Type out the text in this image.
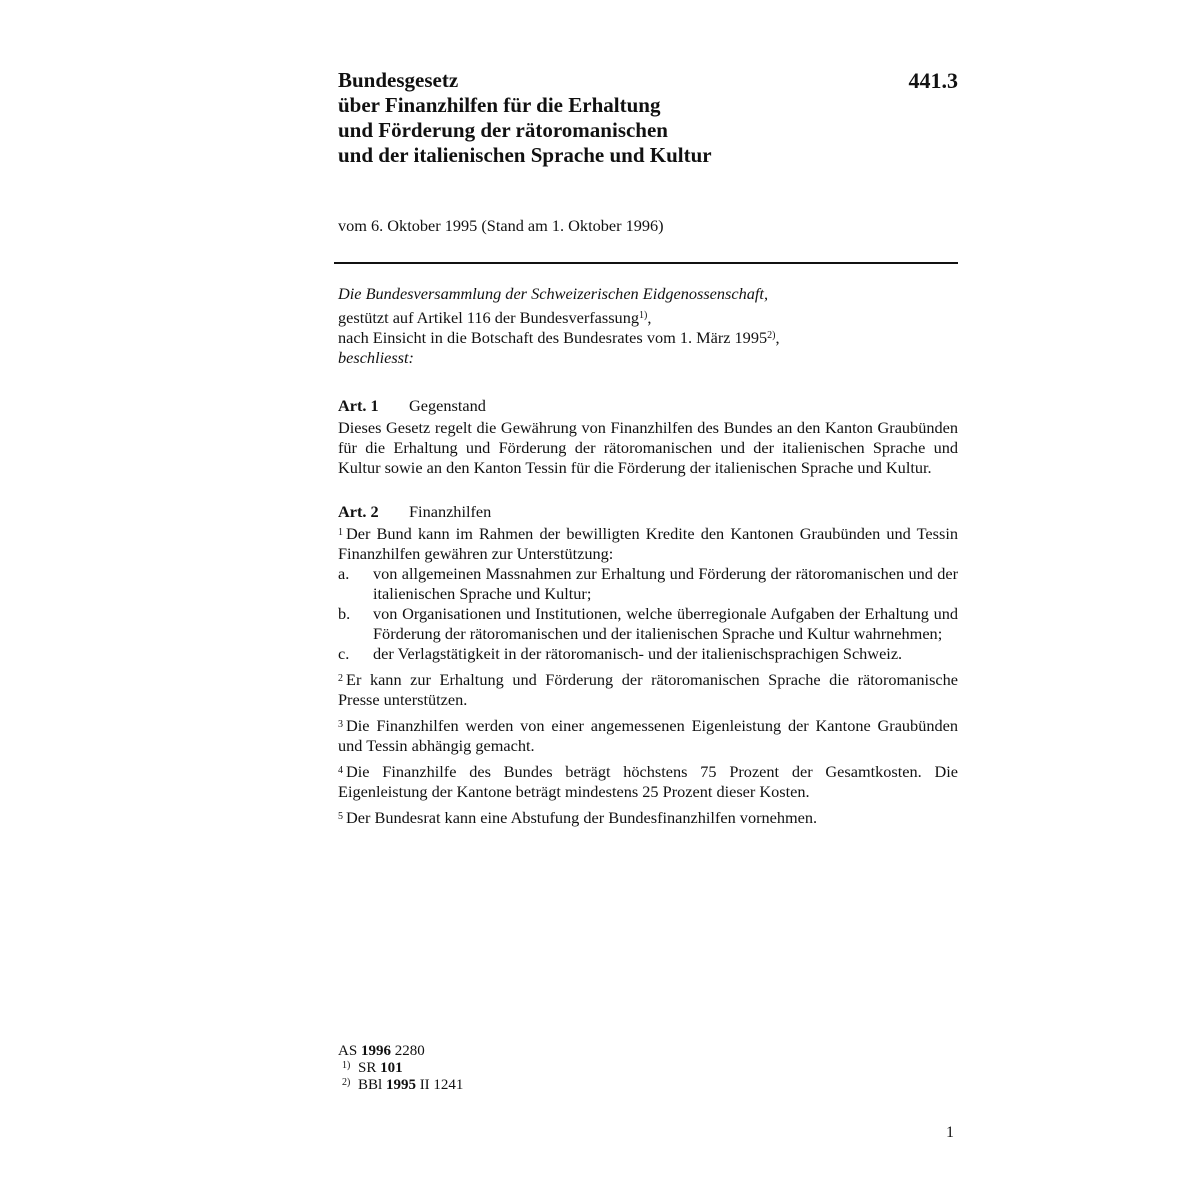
441.3
Bundesgesetz
über Finanzhilfen für die Erhaltung
und Förderung der rätoromanischen
und der italienischen Sprache und Kultur
vom 6. Oktober 1995 (Stand am 1. Oktober 1996)

Die Bundesversammlung der Schweizerischen Eidgenossenschaft,

gestützt auf Artikel 116 der Bundesverfassung$^{1)}$,

nach Einsicht in die Botschaft des Bundesrates vom 1. März 1995$^{2)}$,

beschliesst:

Art. 1 Gegenstand

Dieses Gesetz regelt die Gewährung von Finanzhilfen des Bundes an den Kanton Graubünden für die Erhaltung und Förderung der rätoromanischen und der italienischen Sprache und Kultur sowie an den Kanton Tessin für die Förderung der italienischen Sprache und Kultur.

Art. 2 Finanzhilfen

$^1$ Der Bund kann im Rahmen der bewilligten Kredite den Kantonen Graubünden und Tessin Finanzhilfen gewähren zur Unterstützung:

a.	von allgemeinen Massnahmen zur Erhaltung und Förderung der rätoromanischen und der italienischen Sprache und Kultur;
b.	von Organisationen und Institutionen, welche überregionale Aufgaben der Erhaltung und Förderung der rätoromanischen und der italienischen Sprache und Kultur wahrnehmen;
c.	der Verlagstätigkeit in der rätoromanisch- und der italienischsprachigen Schweiz.

$^2$ Er kann zur Erhaltung und Förderung der rätoromanischen Sprache die rätoromanische Presse unterstützen.

$^3$ Die Finanzhilfen werden von einer angemessenen Eigenleistung der Kantone Graubünden und Tessin abhängig gemacht.

$^4$ Die Finanzhilfe des Bundes beträgt höchstens 75 Prozent der Gesamtkosten. Die Eigenleistung der Kantone beträgt mindestens 25 Prozent dieser Kosten.

$^5$ Der Bundesrat kann eine Abstufung der Bundesfinanzhilfen vornehmen.

AS 1996 2280
1) SR 101
2) BBl 1995 II 1241
1
